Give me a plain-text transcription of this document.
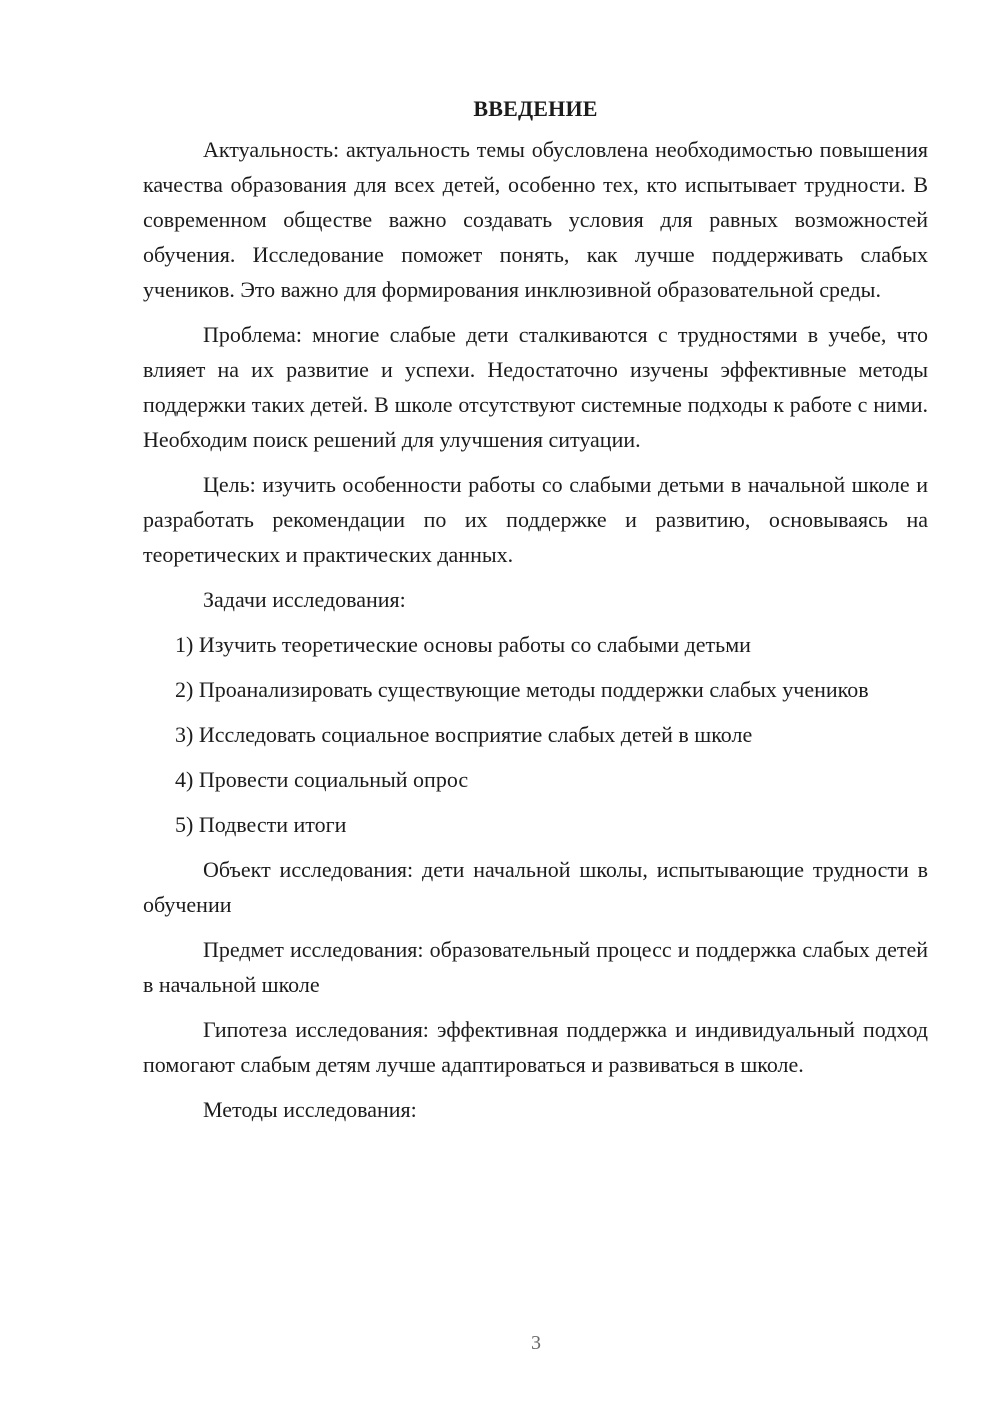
ВВЕДЕНИЕ

Актуальность: актуальность темы обусловлена необходимостью повышения качества образования для всех детей, особенно тех, кто испытывает трудности. В современном обществе важно создавать условия для равных возможностей обучения. Исследование поможет понять, как лучше поддерживать слабых учеников. Это важно для формирования инклюзивной образовательной среды.

Проблема: многие слабые дети сталкиваются с трудностями в учебе, что влияет на их развитие и успехи. Недостаточно изучены эффективные методы поддержки таких детей. В школе отсутствуют системные подходы к работе с ними. Необходим поиск решений для улучшения ситуации.

Цель: изучить особенности работы со слабыми детьми в начальной школе и разработать рекомендации по их поддержке и развитию, основываясь на теоретических и практических данных.

Задачи исследования:

1) Изучить теоретические основы работы со слабыми детьми

2) Проанализировать существующие методы поддержки слабых учеников

3) Исследовать социальное восприятие слабых детей в школе

4) Провести социальный опрос

5) Подвести итоги

Объект исследования: дети начальной школы, испытывающие трудности в обучении

Предмет исследования: образовательный процесс и поддержка слабых детей в начальной школе

Гипотеза исследования: эффективная поддержка и индивидуальный подход помогают слабым детям лучше адаптироваться и развиваться в школе.

Методы исследования:

3
